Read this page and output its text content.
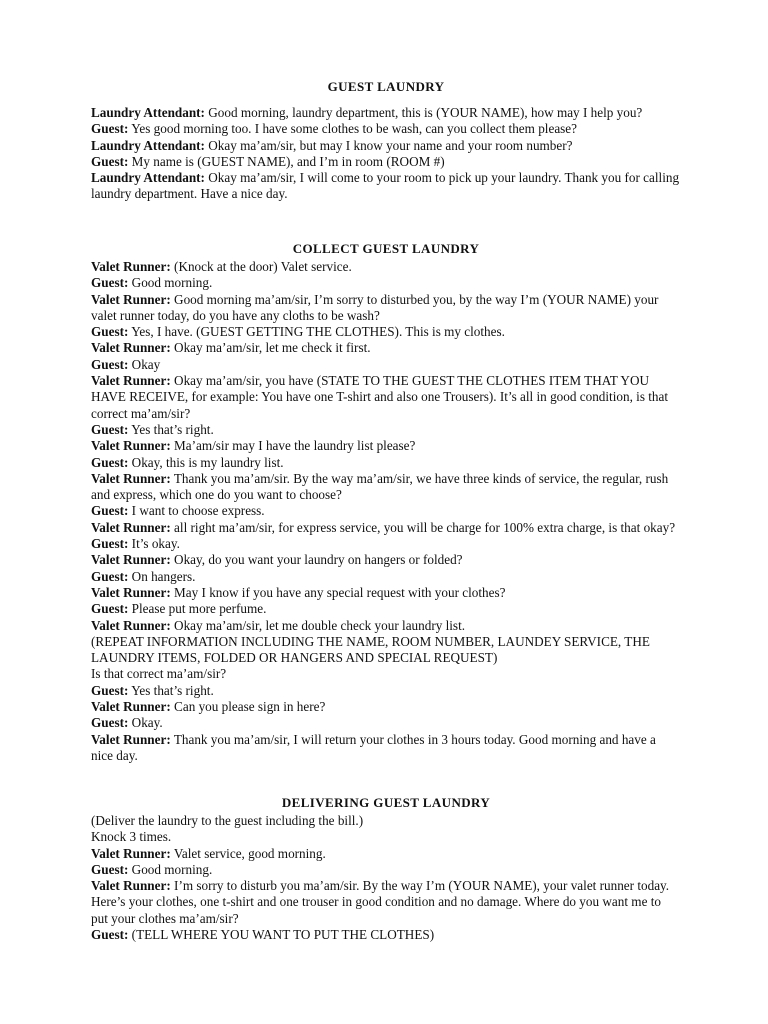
GUEST LAUNDRY

Laundry Attendant: Good morning, laundry department, this is (YOUR NAME), how may I help you?

Guest: Yes good morning too. I have some clothes to be wash, can you collect them please?

Laundry Attendant: Okay ma’am/sir, but may I know your name and your room number?

Guest: My name is (GUEST NAME), and I’m in room (ROOM #)

Laundry Attendant: Okay ma’am/sir, I will come to your room to pick up your laundry. Thank you for calling laundry department. Have a nice day.

COLLECT GUEST LAUNDRY

Valet Runner: (Knock at the door) Valet service.

Guest: Good morning.

Valet Runner: Good morning ma’am/sir, I’m sorry to disturbed you, by the way I’m (YOUR NAME) your valet runner today, do you have any cloths to be wash?

Guest: Yes, I have. (GUEST GETTING THE CLOTHES). This is my clothes.

Valet Runner: Okay ma’am/sir, let me check it first.

Guest: Okay

Valet Runner: Okay ma’am/sir, you have (STATE TO THE GUEST THE CLOTHES ITEM THAT YOU HAVE RECEIVE, for example: You have one T-shirt and also one Trousers). It’s all in good condition, is that correct ma’am/sir?

Guest: Yes that’s right.

Valet Runner: Ma’am/sir may I have the laundry list please?

Guest: Okay, this is my laundry list.

Valet Runner: Thank you ma’am/sir. By the way ma’am/sir, we have three kinds of service, the regular, rush and express, which one do you want to choose?

Guest: I want to choose express.

Valet Runner: all right ma’am/sir, for express service, you will be charge for 100% extra charge, is that okay?

Guest: It’s okay.

Valet Runner: Okay, do you want your laundry on hangers or folded?

Guest: On hangers.

Valet Runner: May I know if you have any special request with your clothes?

Guest: Please put more perfume.

Valet Runner: Okay ma’am/sir, let me double check your laundry list.

(REPEAT INFORMATION INCLUDING THE NAME, ROOM NUMBER, LAUNDEY SERVICE, THE LAUNDRY ITEMS, FOLDED OR HANGERS AND SPECIAL REQUEST)

Is that correct ma’am/sir?

Guest: Yes that’s right.

Valet Runner: Can you please sign in here?

Guest: Okay.

Valet Runner: Thank you ma’am/sir, I will return your clothes in 3 hours today. Good morning and have a nice day.

DELIVERING GUEST LAUNDRY

(Deliver the laundry to the guest including the bill.)

Knock 3 times.

Valet Runner: Valet service, good morning.

Guest: Good morning.

Valet Runner: I’m sorry to disturb you ma’am/sir. By the way I’m (YOUR NAME), your valet runner today. Here’s your clothes, one t-shirt and one trouser in good condition and no damage. Where do you want me to put your clothes ma’am/sir?

Guest: (TELL WHERE YOU WANT TO PUT THE CLOTHES)
